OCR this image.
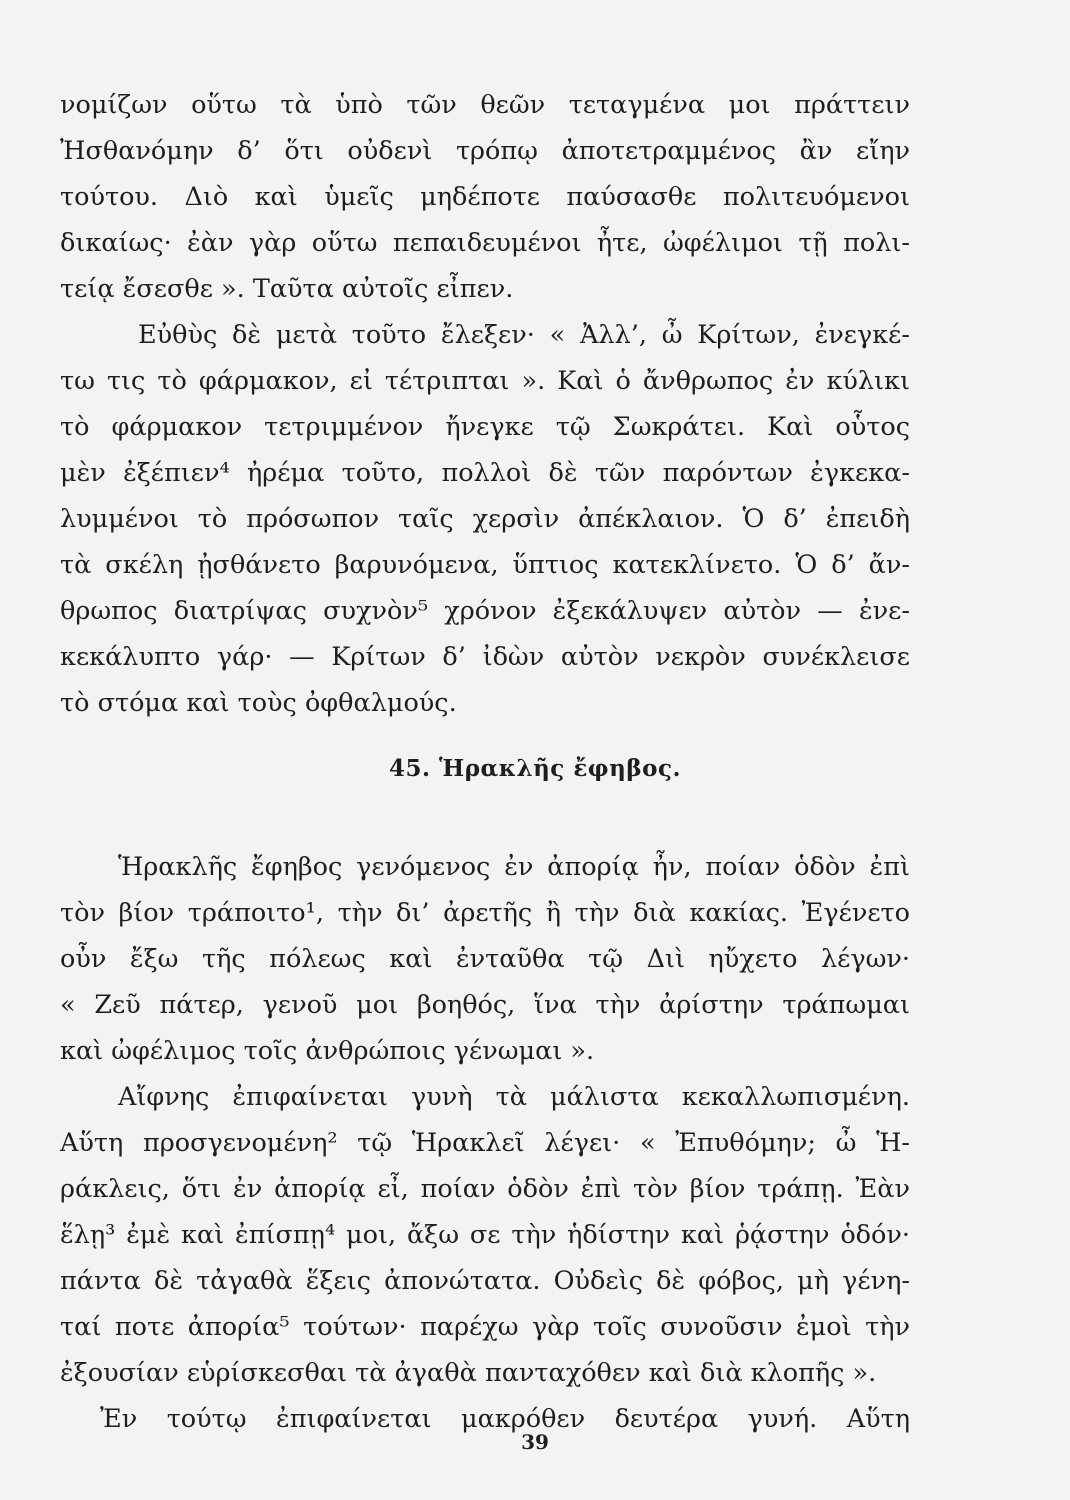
νομίζων οὕτω τὰ ὑπὸ τῶν θεῶν τεταγμένα μοι πράττειν
Ἠσθανόμην δ’ ὅτι οὐδενὶ τρόπῳ ἀποτετραμμένος ἂν εἴην
τούτου. Διὸ καὶ ὑμεῖς μηδέποτε παύσασθε πολιτευόμενοι
δικαίως· ἐὰν γὰρ οὕτω πεπαιδευμένοι ἦτε, ὠφέλιμοι τῇ πολι-
τείᾳ ἔσεσθε ». Ταῦτα αὐτοῖς εἶπεν.
Εὐθὺς δὲ μετὰ τοῦτο ἔλεξεν· « Ἀλλ’, ὦ Κρίτων, ἐνεγκέ-
τω τις τὸ φάρμακον, εἰ τέτριπται ». Καὶ ὁ ἄνθρωπος ἐν κύλικι
τὸ φάρμακον τετριμμένον ἤνεγκε τῷ Σωκράτει. Καὶ οὗτος
μὲν ἐξέπιεν⁴ ἠρέμα τοῦτο, πολλοὶ δὲ τῶν παρόντων ἐγκεκα-
λυμμένοι τὸ πρόσωπον ταῖς χερσὶν ἀπέκλαιον. Ὁ δ’ ἐπειδὴ
τὰ σκέλη ᾐσθάνετο βαρυνόμενα, ὕπτιος κατεκλίνετο. Ὁ δ’ ἄν-
θρωπος διατρίψας συχνὸν⁵ χρόνον ἐξεκάλυψεν αὐτὸν — ἐνε-
κεκάλυπτο γάρ· — Κρίτων δ’ ἰδὼν αὐτὸν νεκρὸν συνέκλεισε
τὸ στόμα καὶ τοὺς ὀφθαλμούς.
45. Ἡρακλῆς ἔφηβος.
Ἡρακλῆς ἔφηβος γενόμενος ἐν ἀπορίᾳ ἦν, ποίαν ὁδὸν ἐπὶ
τὸν βίον τράποιτο¹, τὴν δι’ ἀρετῆς ἢ τὴν διὰ κακίας. Ἐγένετο
οὖν ἔξω τῆς πόλεως καὶ ἐνταῦθα τῷ Διὶ ηὔχετο λέγων·
« Ζεῦ πάτερ, γενοῦ μοι βοηθός, ἵνα τὴν ἀρίστην τράπωμαι
καὶ ὠφέλιμος τοῖς ἀνθρώποις γένωμαι ».
Αἴφνης ἐπιφαίνεται γυνὴ τὰ μάλιστα κεκαλλωπισμένη.
Αὕτη προσγενομένη² τῷ Ἡρακλεῖ λέγει· « Ἐπυθόμην; ὦ Ἡ-
ράκλεις, ὅτι ἐν ἀπορίᾳ εἶ, ποίαν ὁδὸν ἐπὶ τὸν βίον τράπῃ. Ἐὰν
ἕλῃ³ ἐμὲ καὶ ἐπίσπῃ⁴ μοι, ἄξω σε τὴν ἡδίστην καὶ ῥᾴστην ὁδόν·
πάντα δὲ τἀγαθὰ ἕξεις ἀπονώτατα. Οὐδεὶς δὲ φόβος, μὴ γένη-
ταί ποτε ἀπορία⁵ τούτων· παρέχω γὰρ τοῖς συνοῦσιν ἐμοὶ τὴν
ἐξουσίαν εὑρίσκεσθαι τὰ ἀγαθὰ πανταχόθεν καὶ διὰ κλοπῆς ».
Ἐν τούτῳ ἐπιφαίνεται μακρόθεν δευτέρα γυνή. Αὕτη
39
